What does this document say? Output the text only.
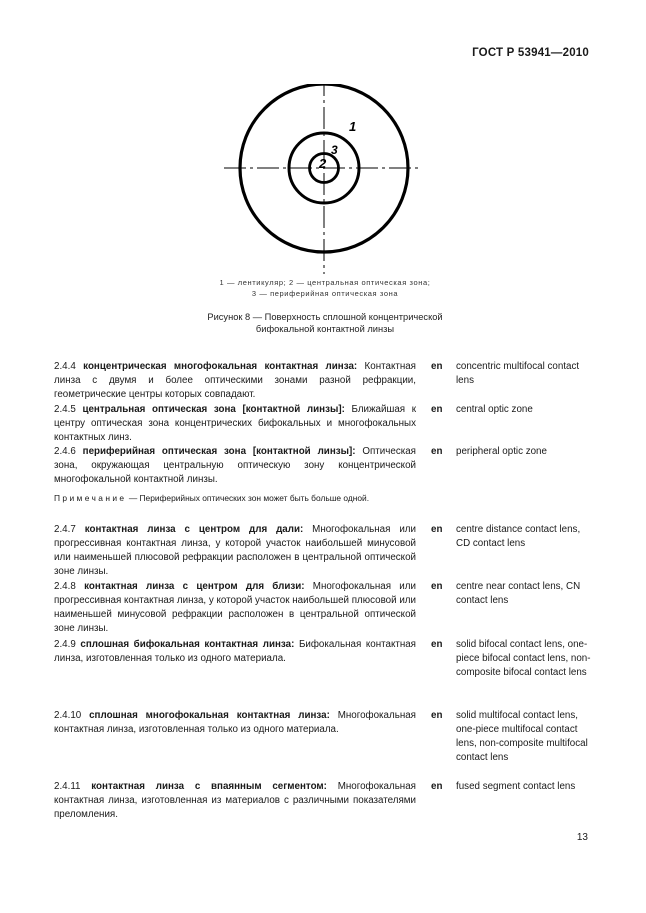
ГОСТ Р 53941—2010
1
2
3
1 — лентикуляр; 2 — центральная оптическая зона;
3 — периферийная оптическая зона
Рисунок 8 — Поверхность сплошной концентрической
бифокальной контактной линзы
2.4.4 концентрическая многофокальная контактная линза: Контактная линза с двумя и более оптическими зонами разной рефракции, геометрические центры которых совпадают.
en concentric multifocal contact lens
2.4.5 центральная оптическая зона [контактной линзы]: Ближайшая к центру оптическая зона концентрических бифокальных и многофокальных контактных линз.
en central optic zone
2.4.6 периферийная оптическая зона [контактной линзы]: Оптическая зона, окружающая центральную оптическую зону концентрической многофокальной контактной линзы.
en peripheral optic zone
Примечание — Периферийных оптических зон может быть больше одной.
2.4.7 контактная линза с центром для дали: Многофокальная или прогрессивная контактная линза, у которой участок наибольшей минусовой или наименьшей плюсовой рефракции расположен в центральной оптической зоне линзы.
en centre distance contact lens, CD contact lens
2.4.8 контактная линза с центром для близи: Многофокальная или прогрессивная контактная линза, у которой участок наибольшей плюсовой или наименьшей минусовой рефракции расположен в центральной оптической зоне линзы.
en centre near contact lens, CN contact lens
2.4.9 сплошная бифокальная контактная линза: Бифокальная контактная линза, изготовленная только из одного материала.
en solid bifocal contact lens, one-piece bifocal contact lens, non-composite bifocal contact lens
2.4.10 сплошная многофокальная контактная линза: Многофокальная контактная линза, изготовленная только из одного материала.
en solid multifocal contact lens, one-piece multifocal contact lens, non-composite multifocal contact lens
2.4.11 контактная линза с впаянным сегментом: Многофокальная контактная линза, изготовленная из материалов с различными показателями преломления.
en fused segment contact lens
13
